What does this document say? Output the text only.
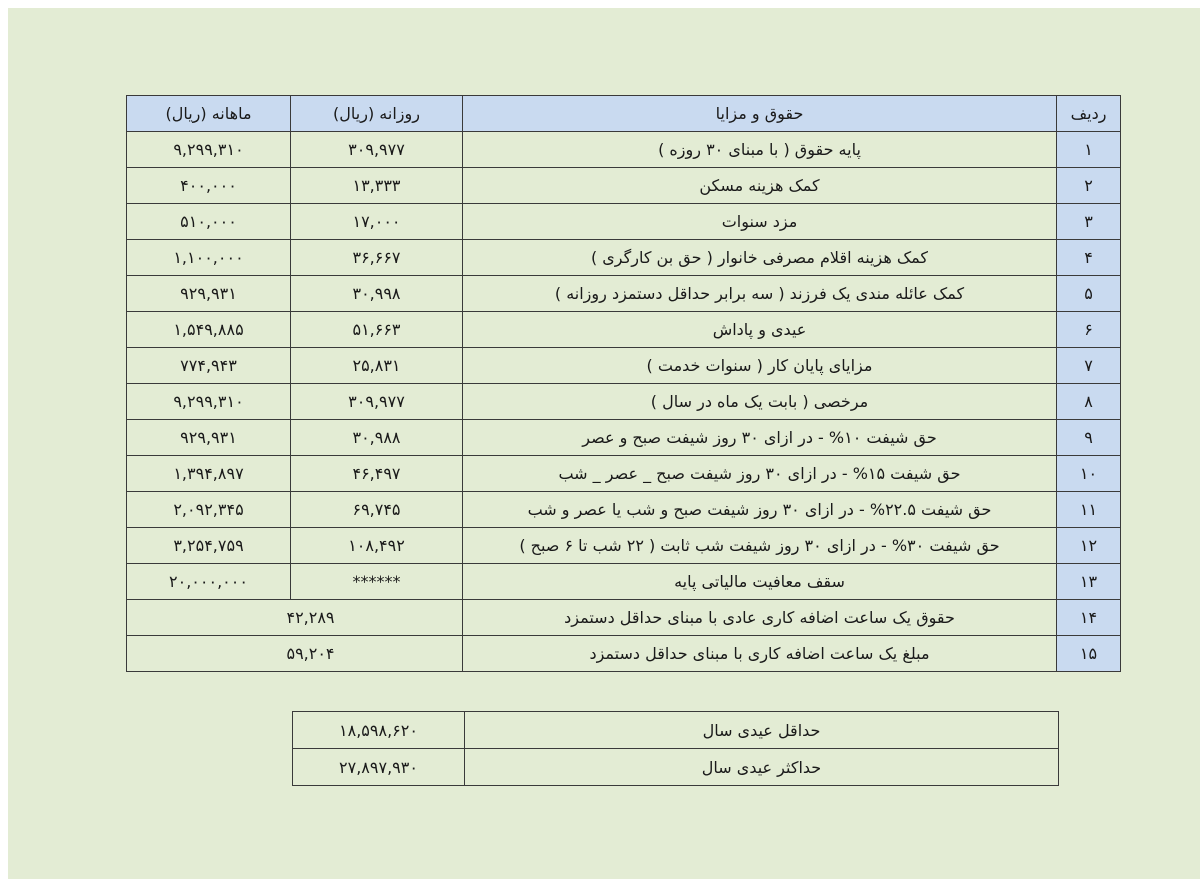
ماهانه (ریال)	روزانه (ریال)	حقوق و مزایا	ردیف
۹,۲۹۹,۳۱۰	۳۰۹,۹۷۷	پایه حقوق ( با مبنای ۳۰ روزه )	۱
۴۰۰,۰۰۰	۱۳,۳۳۳	کمک هزینه مسکن	۲
۵۱۰,۰۰۰	۱۷,۰۰۰	مزد سنوات	۳
۱,۱۰۰,۰۰۰	۳۶,۶۶۷	کمک هزینه اقلام مصرفی خانوار ( حق بن کارگری )	۴
۹۲۹,۹۳۱	۳۰,۹۹۸	کمک عائله مندی یک فرزند ( سه برابر حداقل دستمزد روزانه )	۵
۱,۵۴۹,۸۸۵	۵۱,۶۶۳	عیدی و پاداش	۶
۷۷۴,۹۴۳	۲۵,۸۳۱	مزایای پایان کار ( سنوات خدمت )	۷
۹,۲۹۹,۳۱۰	۳۰۹,۹۷۷	مرخصی ( بابت یک ماه در سال )	۸
۹۲۹,۹۳۱	۳۰,۹۸۸	حق شیفت ۱۰% - در ازای ۳۰ روز شیفت صبح و عصر	۹
۱,۳۹۴,۸۹۷	۴۶,۴۹۷	حق شیفت ۱۵% - در ازای ۳۰ روز شیفت صبح _ عصر _ شب	۱۰
۲,۰۹۲,۳۴۵	۶۹,۷۴۵	حق شیفت ۲۲.۵% - در ازای ۳۰ روز شیفت صبح و شب یا عصر و شب	۱۱
۳,۲۵۴,۷۵۹	۱۰۸,۴۹۲	حق شیفت ۳۰% - در ازای ۳۰ روز شیفت شب ثابت ( ۲۲ شب تا ۶ صبح )	۱۲
۲۰,۰۰۰,۰۰۰	******	سقف معافیت مالیاتی پایه	۱۳
۴۲,۲۸۹		حقوق یک ساعت اضافه کاری عادی با مبنای حداقل دستمزد	۱۴
۵۹,۲۰۴		مبلغ یک ساعت اضافه کاری با مبنای حداقل دستمزد	۱۵
۱۸,۵۹۸,۶۲۰	حداقل عیدی سال
۲۷,۸۹۷,۹۳۰	حداکثر عیدی سال
